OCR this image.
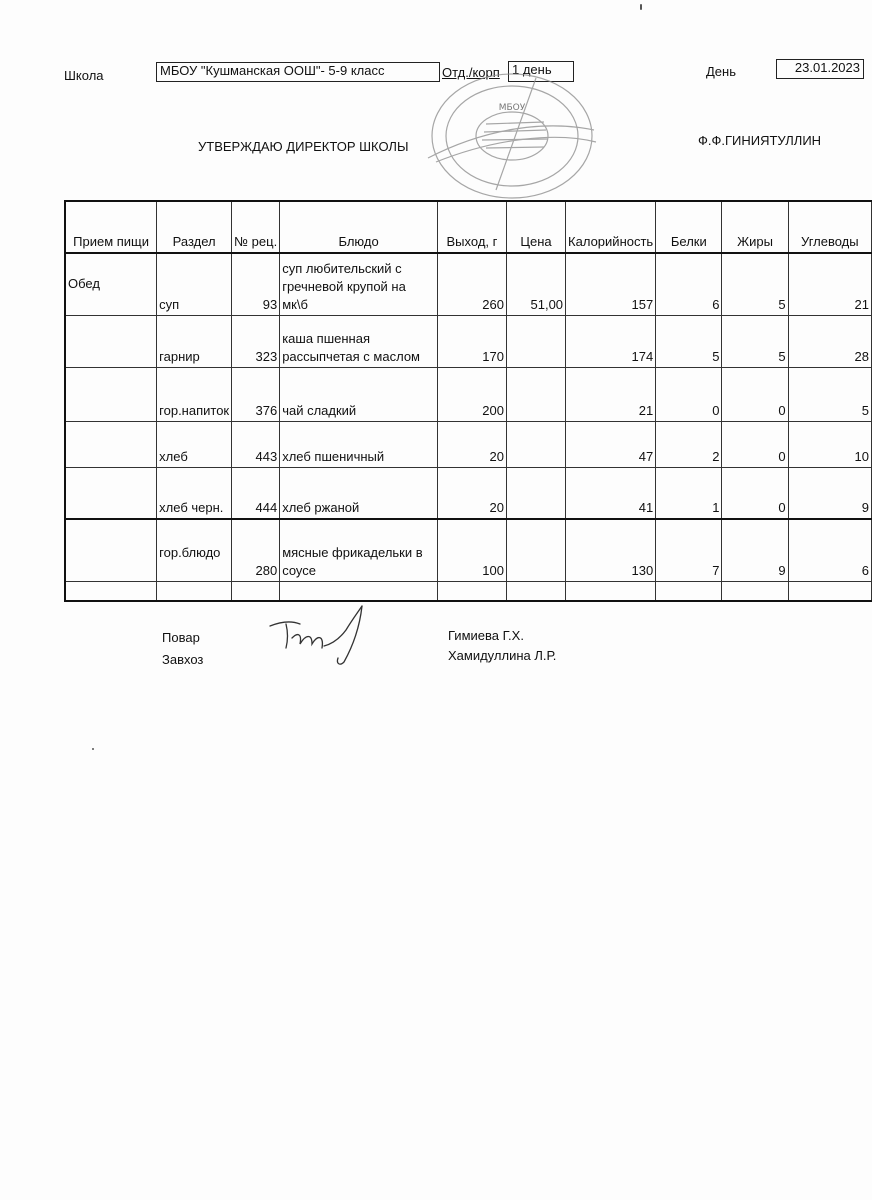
Школа	МБОУ "Кушманская ООШ"- 5-9 класс	Отд./корп 1 день	День	23.01.2023
УТВЕРЖДАЮ ДИРЕКТОР ШКОЛЫ	Ф.Ф.ГИНИЯТУЛЛИН
МБОУ
Прием пищи	Раздел	№ рец.	Блюдо	Выход, г	Цена	Калорийность	Белки	Жиры	Углеводы
Обед	суп	93	суп любительский с гречневой крупой на мк\б	260	51,00	157	6	5	21
	гарнир	323	каша пшенная рассыпчетая с маслом	170		174	5	5	28
	гор.напиток	376	чай сладкий	200		21	0	0	5
	хлеб	443	хлеб пшеничный	20		47	2	0	10
	хлеб черн.	444	хлеб ржаной	20		41	1	0	9
	гор.блюдо	280	мясные фрикадельки в соусе	100		130	7	9	6

Повар
Завхоз
Гимиева Г.Х.
Хамидуллина Л.Р.
